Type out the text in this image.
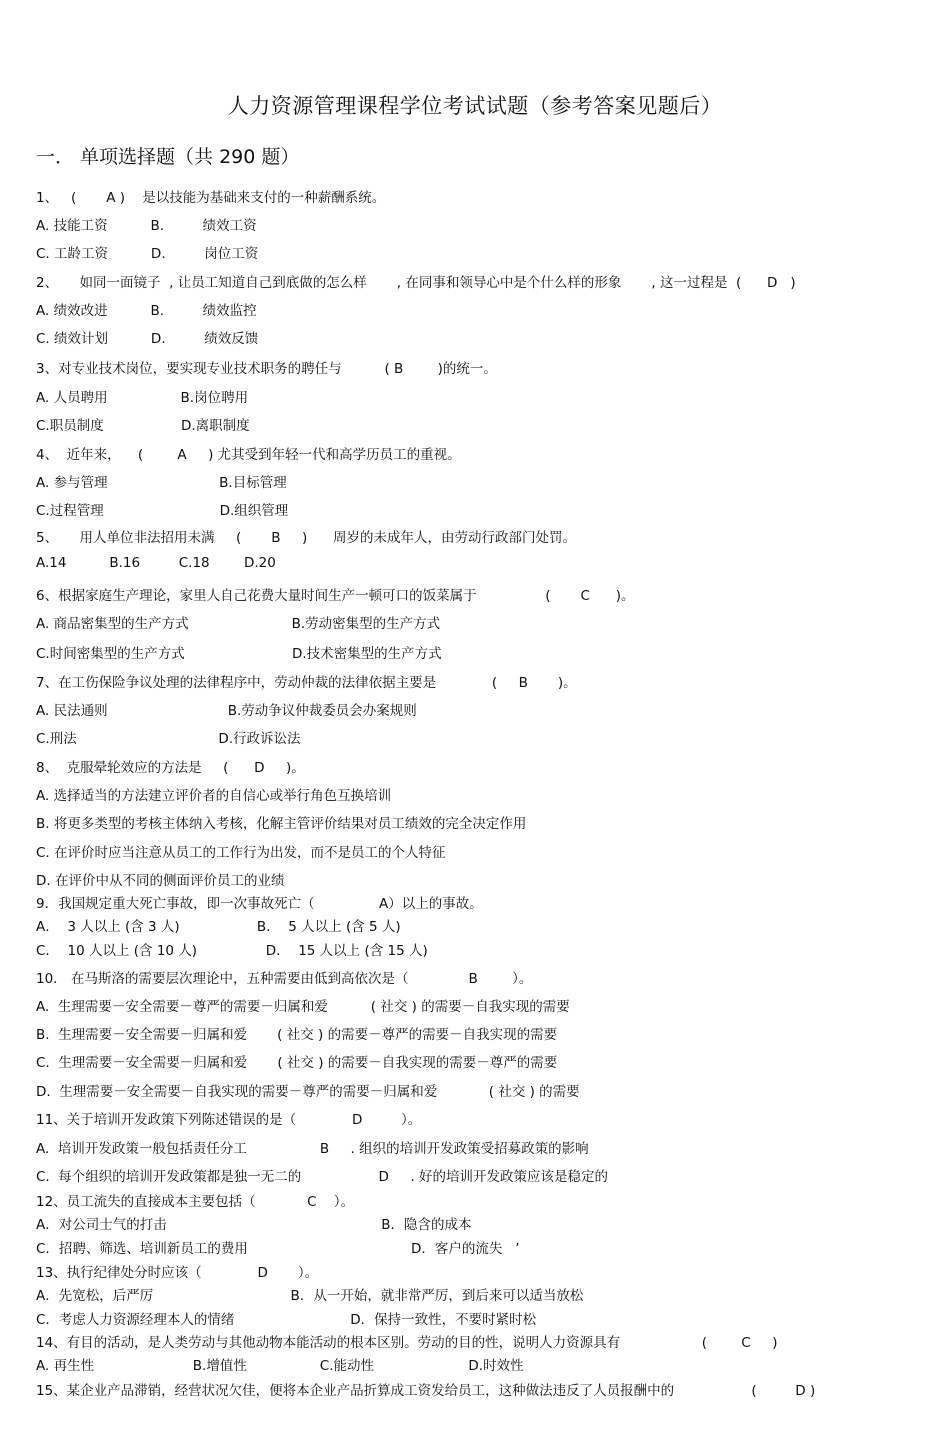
人力资源管理课程学位考试试题（参考答案见题后）
一． 单项选择题（共 290 题）
1、   (       A )    是以技能为基础来支付的一种薪酬系统。
A. 技能工资          B.         绩效工资
C. 工龄工资          D.         岗位工资
2、     如同一面镜子  , 让员工知道自己到底做的怎么样       , 在同事和领导心中是个什么样的形象       , 这一过程是  (      D   )
A. 绩效改进          B.         绩效监控
C. 绩效计划          D.         绩效反馈
3、对专业技术岗位，要实现专业技术职务的聘任与          ( B        )的统一。
A. 人员聘用                 B.岗位聘用
C.职员制度                  D.离职制度
4、  近年来，    (        A     ) 尤其受到年轻一代和高学历员工的重视。
A. 参与管理                          B.目标管理
C.过程管理                           D.组织管理
5、     用人单位非法招用未满     (       B     )      周岁的未成年人，由劳动行政部门处罚。
A.14          B.16         C.18        D.20
6、根据家庭生产理论，家里人自己花费大量时间生产一顿可口的饭菜属于                (       C      )。
A. 商品密集型的生产方式                        B.劳动密集型的生产方式
C.时间密集型的生产方式                         D.技术密集型的生产方式
7、在工伤保险争议处理的法律程序中，劳动仲裁的法律依据主要是             (     B       )。
A. 民法通则                            B.劳动争议仲裁委员会办案规则
C.刑法                                 D.行政诉讼法
8、  克服晕轮效应的方法是     (      D     )。
A. 选择适当的方法建立评价者的自信心或举行角色互换培训
B. 将更多类型的考核主体纳入考核，化解主管评价结果对员工绩效的完全决定作用
C. 在评价时应当注意从员工的工作行为出发，而不是员工的个人特征
D. 在评价中从不同的侧面评价员工的业绩
9．我国规定重大死亡事故，即一次事故死亡（               A）以上的事故。
A．  3 人以上 (含 3 人)                  B．  5 人以上 (含 5 人)
C．  10 人以上 (含 10 人)                D．  15 人以上 (含 15 人)
10． 在马斯洛的需要层次理论中，五种需要由低到高依次是（              B        ）。
A.  生理需要－安全需要－尊严的需要－归属和爱          ( 社交 ) 的需要－自我实现的需要
B.  生理需要－安全需要－归属和爱       ( 社交 ) 的需要－尊严的需要－自我实现的需要
C.  生理需要－安全需要－归属和爱       ( 社交 ) 的需要－自我实现的需要－尊严的需要
D.  生理需要－安全需要－自我实现的需要－尊严的需要－归属和爱            ( 社交 ) 的需要
11、关于培训开发政策下列陈述错误的是（             D         ）。
A.  培训开发政策一般包括责任分工                 B     . 组织的培训开发政策受招募政策的影响
C.  每个组织的培训开发政策都是独一无二的                  D     . 好的培训开发政策应该是稳定的
12、员工流失的直接成本主要包括（            C    ）。
A．对公司士气的打击                                                  B．隐含的成本
C．招聘、筛选、培训新员工的费用                                      D．客户的流失   ’
13、执行纪律处分时应该（             D       ）。
A．先宽松，后严厉                                B．从一开始，就非常严厉，到后来可以适当放松
C．考虑人力资源经理本人的情绪                           D．保持一致性，不要时紧时松
14、有目的活动，是人类劳动与其他动物本能活动的根本区别。劳动的目的性，说明人力资源具有                   (        C     )
A. 再生性                       B.增值性                 C.能动性                      D.时效性
15、某企业产品滞销，经营状况欠佳，便将本企业产品折算成工资发给员工，这种做法违反了人员报酬中的                  (         D )
